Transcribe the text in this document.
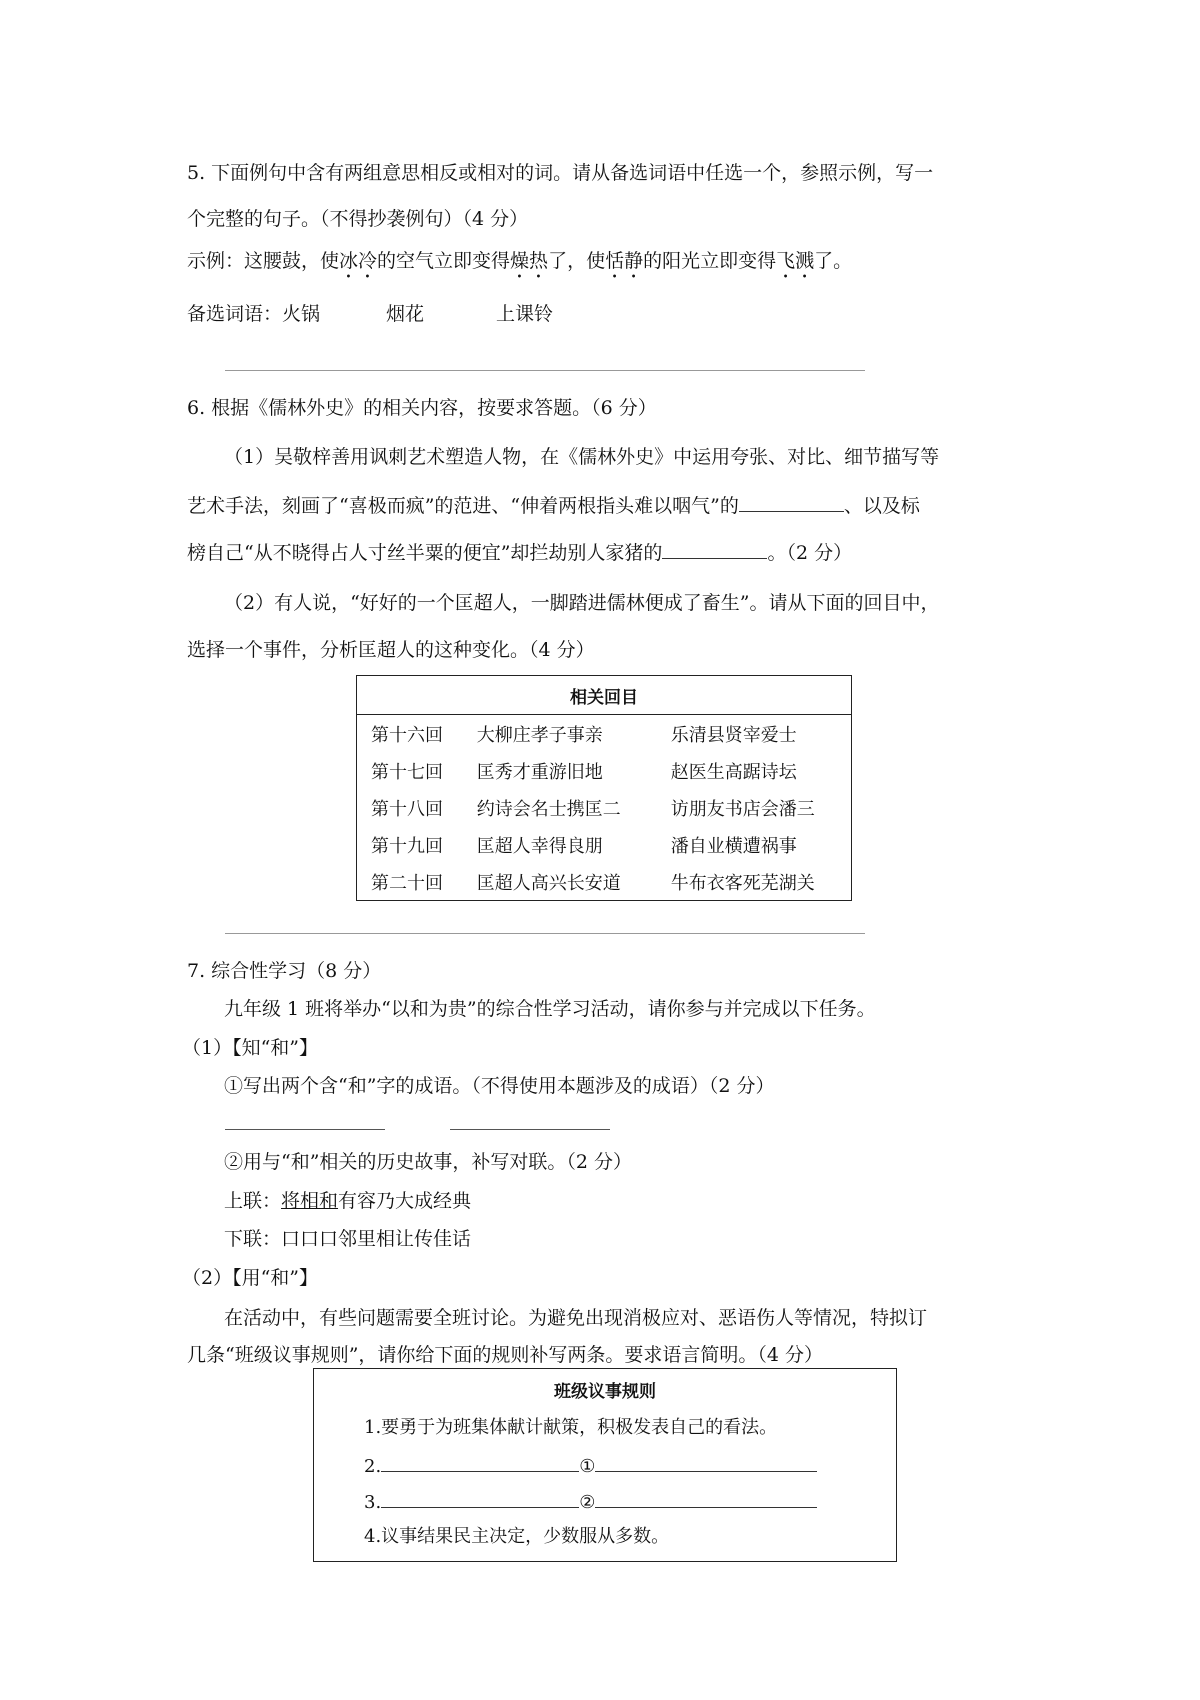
5. 下面例句中含有两组意思相反或相对的词。请从备选词语中任选一个，参照示例，写一
个完整的句子。（不得抄袭例句）（4 分）
示例：这腰鼓，使冰冷的空气立即变得燥热了，使恬静的阳光立即变得飞溅了。
备选词语：火锅	烟花	上课铃
6. 根据《儒林外史》的相关内容，按要求答题。（6 分）
（1）吴敬梓善用讽刺艺术塑造人物，在《儒林外史》中运用夸张、对比、细节描写等
艺术手法，刻画了“喜极而疯”的范进、“伸着两根指头难以咽气”的	、以及标
榜自己“从不晓得占人寸丝半粟的便宜”却拦劫别人家猪的	。（2 分）
（2）有人说，“好好的一个匡超人，一脚踏进儒林便成了畜生”。请从下面的回目中，
选择一个事件，分析匡超人的这种变化。（4 分）
相关回目		
第十六回	大柳庄孝子事亲	乐清县贤宰爱士
第十七回	匡秀才重游旧地	赵医生高踞诗坛
第十八回	约诗会名士携匡二	访朋友书店会潘三
第十九回	匡超人幸得良朋	潘自业横遭祸事
第二十回	匡超人高兴长安道	牛布衣客死芜湖关
7. 综合性学习（8 分）
九年级 1 班将举办“以和为贵”的综合性学习活动，请你参与并完成以下任务。
（1）【知“和”】
①写出两个含“和”字的成语。（不得使用本题涉及的成语）（2 分）
②用与“和”相关的历史故事，补写对联。（2 分）
上联：将相和有容乃大成经典
下联：口口口邻里相让传佳话
（2）【用“和”】
在活动中，有些问题需要全班讨论。为避免出现消极应对、恶语伤人等情况，特拟订
几条“班级议事规则”，请你给下面的规则补写两条。要求语言简明。（4 分）
班级议事规则
1.要勇于为班集体献计献策，积极发表自己的看法。
2.	①
3.	②
4.议事结果民主决定，少数服从多数。
